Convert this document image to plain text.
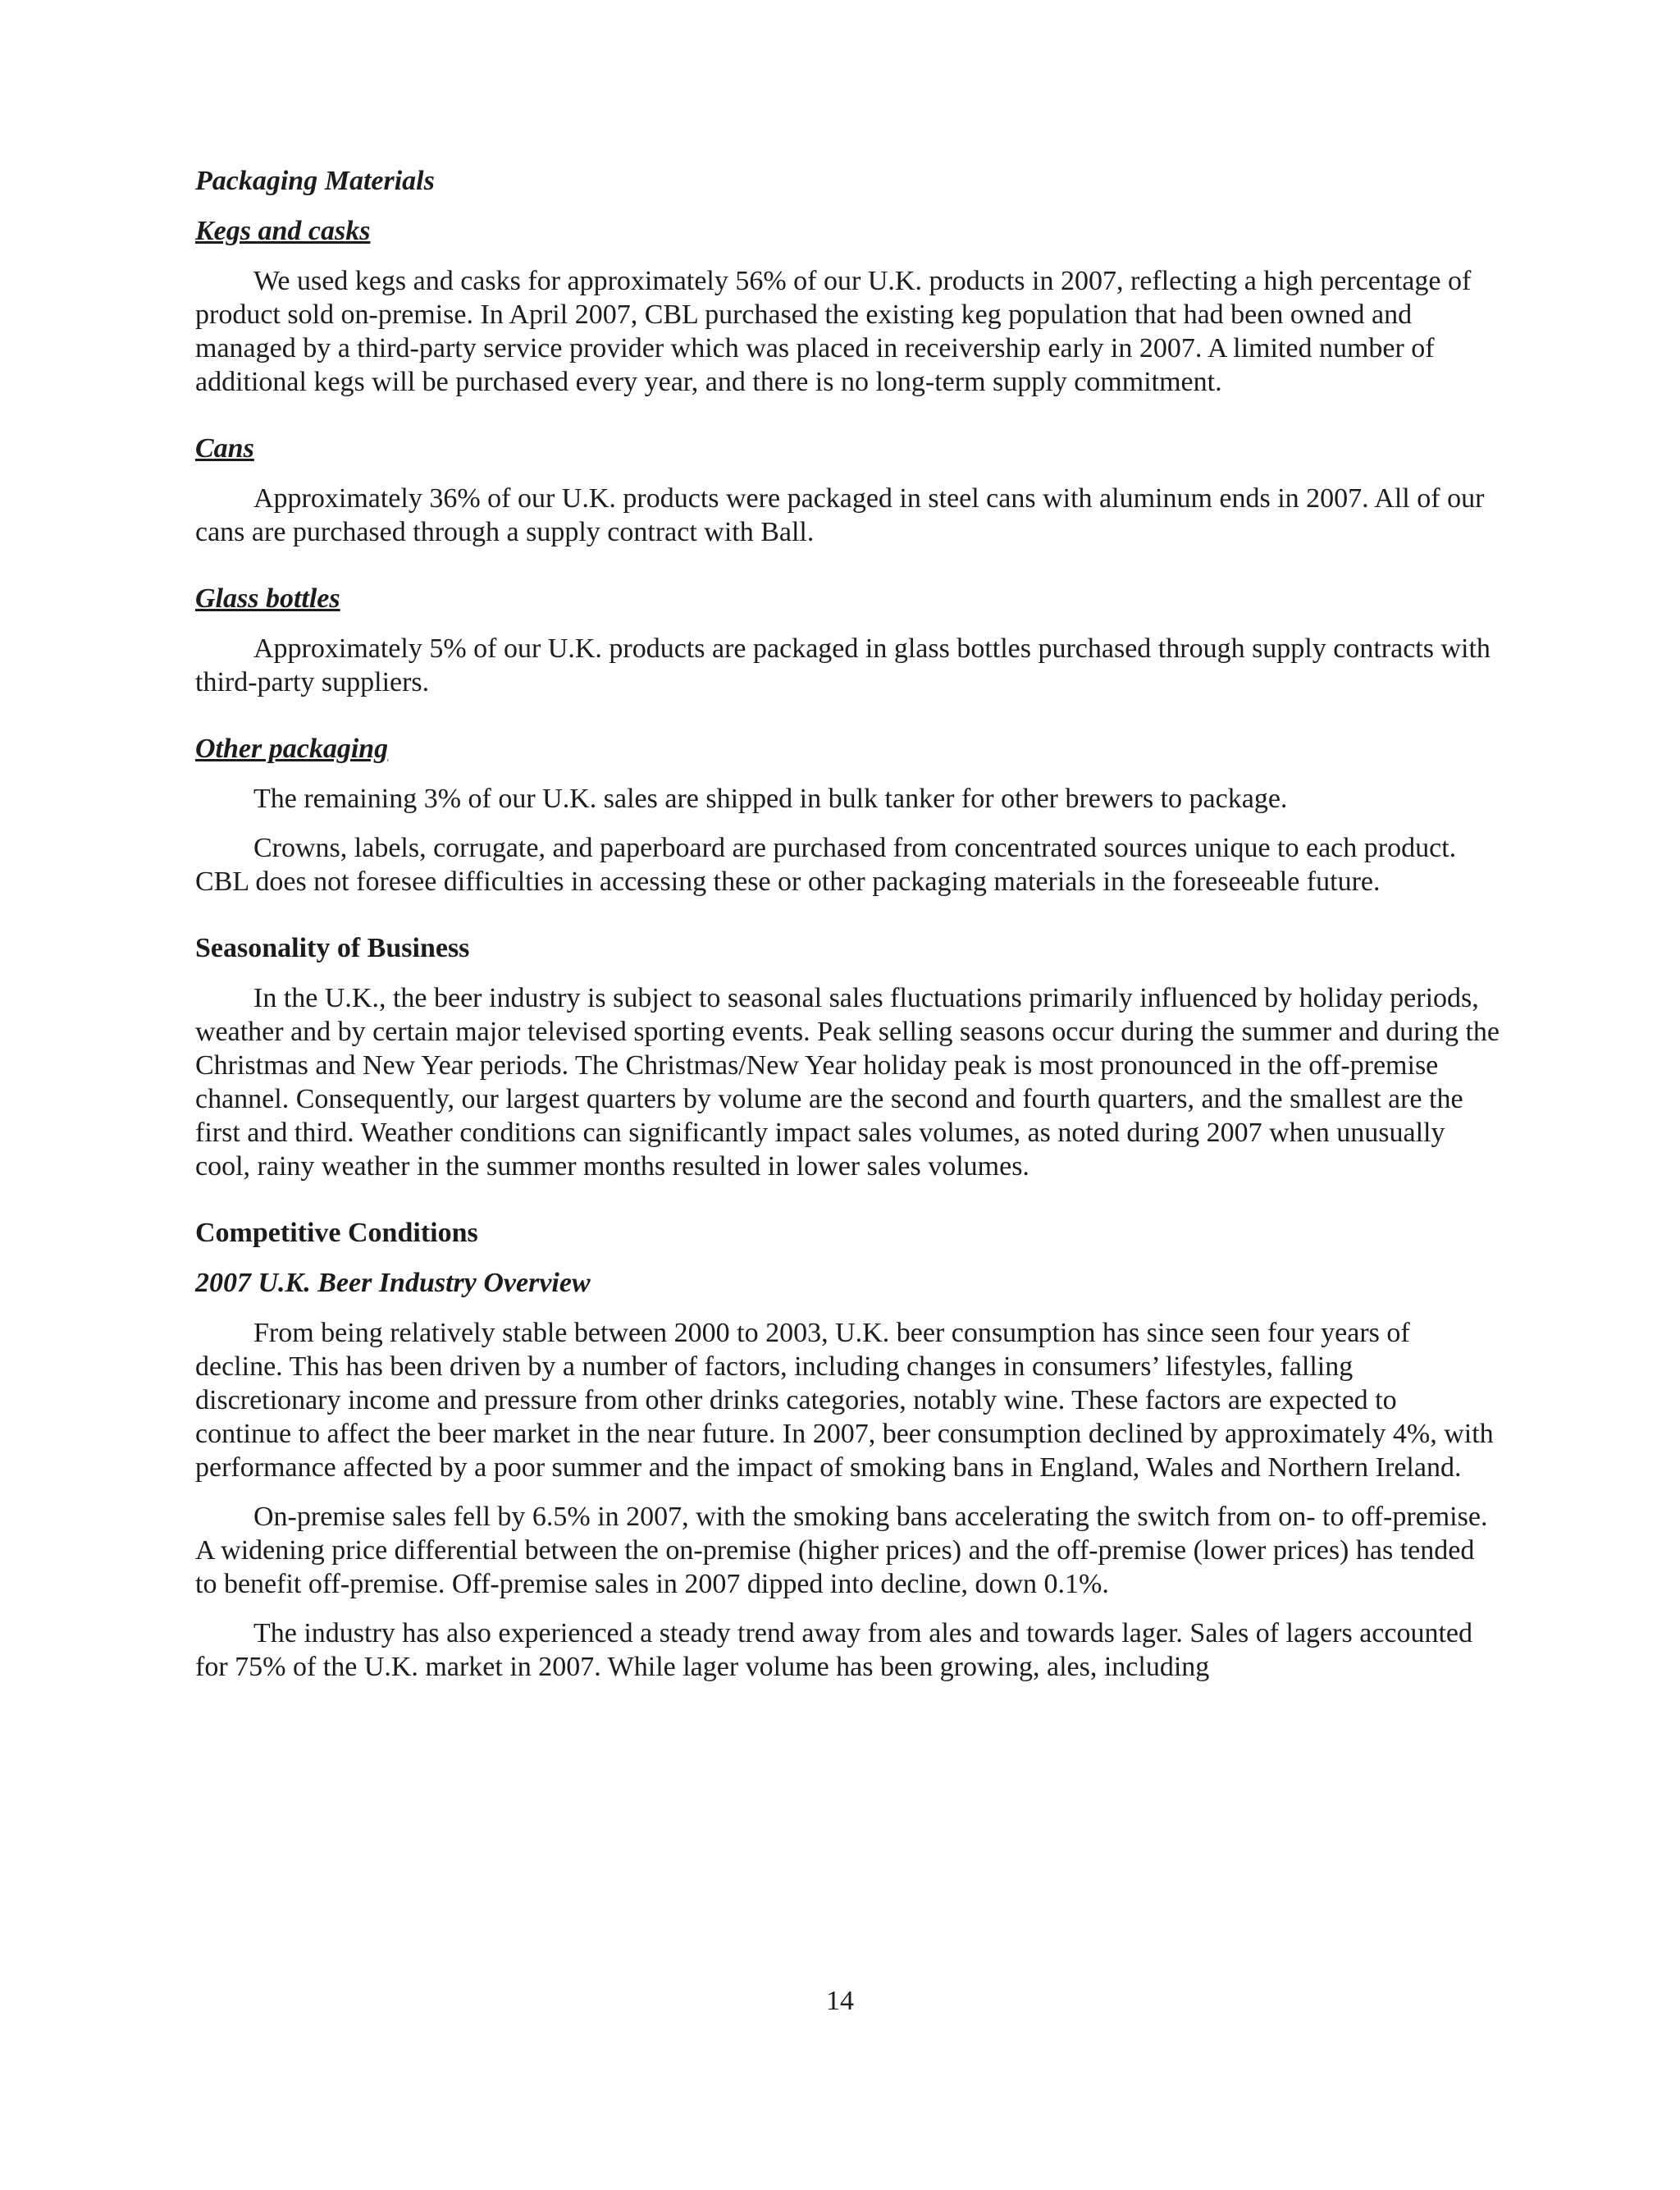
Packaging Materials
Kegs and casks

We used kegs and casks for approximately 56% of our U.K. products in 2007, reflecting a high percentage of product sold on-premise. In April 2007, CBL purchased the existing keg population that had been owned and managed by a third-party service provider which was placed in receivership early in 2007. A limited number of additional kegs will be purchased every year, and there is no long-term supply commitment.

Cans

Approximately 36% of our U.K. products were packaged in steel cans with aluminum ends in 2007. All of our cans are purchased through a supply contract with Ball.

Glass bottles

Approximately 5% of our U.K. products are packaged in glass bottles purchased through supply contracts with third-party suppliers.

Other packaging

The remaining 3% of our U.K. sales are shipped in bulk tanker for other brewers to package.

Crowns, labels, corrugate, and paperboard are purchased from concentrated sources unique to each product. CBL does not foresee difficulties in accessing these or other packaging materials in the foreseeable future.

Seasonality of Business

In the U.K., the beer industry is subject to seasonal sales fluctuations primarily influenced by holiday periods, weather and by certain major televised sporting events. Peak selling seasons occur during the summer and during the Christmas and New Year periods. The Christmas/New Year holiday peak is most pronounced in the off-premise channel. Consequently, our largest quarters by volume are the second and fourth quarters, and the smallest are the first and third. Weather conditions can significantly impact sales volumes, as noted during 2007 when unusually cool, rainy weather in the summer months resulted in lower sales volumes.

Competitive Conditions
2007 U.K. Beer Industry Overview

From being relatively stable between 2000 to 2003, U.K. beer consumption has since seen four years of decline. This has been driven by a number of factors, including changes in consumers’ lifestyles, falling discretionary income and pressure from other drinks categories, notably wine. These factors are expected to continue to affect the beer market in the near future. In 2007, beer consumption declined by approximately 4%, with performance affected by a poor summer and the impact of smoking bans in England, Wales and Northern Ireland.

On-premise sales fell by 6.5% in 2007, with the smoking bans accelerating the switch from on- to off-premise. A widening price differential between the on-premise (higher prices) and the off-premise (lower prices) has tended to benefit off-premise. Off-premise sales in 2007 dipped into decline, down 0.1%.

The industry has also experienced a steady trend away from ales and towards lager. Sales of lagers accounted for 75% of the U.K. market in 2007. While lager volume has been growing, ales, including

14
